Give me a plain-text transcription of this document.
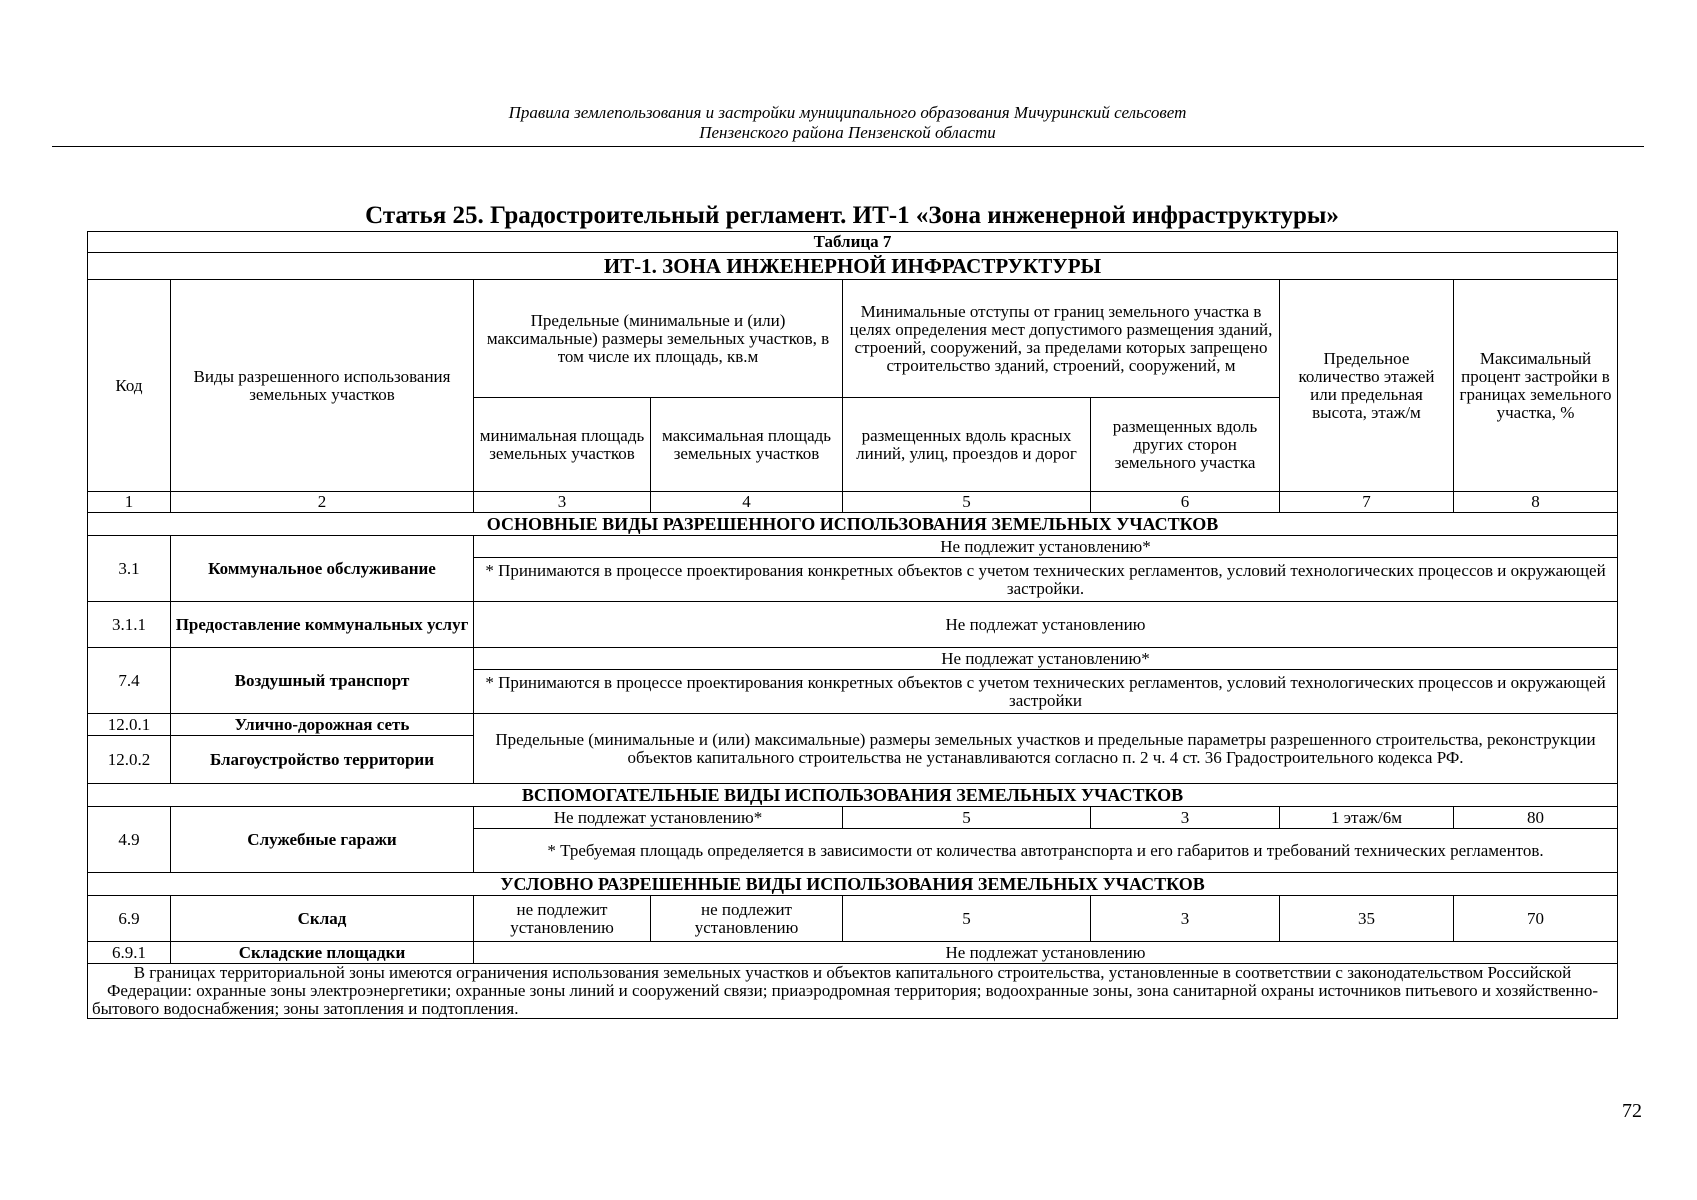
Правила землепользования и застройки муниципального образования Мичуринский сельсовет
Пензенского района Пензенской области
Статья 25. Градостроительный регламент. ИТ-1 «Зона инженерной инфраструктуры»
Таблица 7							
ИТ-1. ЗОНА ИНЖЕНЕРНОЙ ИНФРАСТРУКТУРЫ							
Код	Виды разрешенного использования земельных участков	Предельные (минимальные и (или) максимальные) размеры земельных участков, в том числе их площадь, кв.м		Минимальные отступы от границ земельного участка в целях определения мест допустимого размещения зданий, строений, сооружений, за пределами которых запрещено строительство зданий, строений, сооружений, м		Предельное количество этажей или предельная высота, этаж/м	Максимальный процент застройки в границах земельного участка, %
		минимальная площадь земельных участков	максимальная площадь земельных участков	размещенных вдоль красных линий, улиц, проездов и дорог	размещенных вдоль других сторон земельного участка		
1	2	3	4	5	6	7	8
ОСНОВНЫЕ ВИДЫ РАЗРЕШЕННОГО ИСПОЛЬЗОВАНИЯ ЗЕМЕЛЬНЫХ УЧАСТКОВ							
3.1	Коммунальное обслуживание	Не подлежит установлению*					
		* Принимаются в процессе проектирования конкретных объектов с учетом технических регламентов, условий технологических процессов и окружающей застройки.					
3.1.1	Предоставление коммунальных услуг	Не подлежат установлению					
7.4	Воздушный транспорт	Не подлежат установлению*					
		* Принимаются в процессе проектирования конкретных объектов с учетом технических регламентов, условий технологических процессов и окружающей застройки					
12.0.1	Улично-дорожная сеть	Предельные (минимальные и (или) максимальные) размеры земельных участков и предельные параметры разрешенного строительства, реконструкции объектов капитального строительства не устанавливаются согласно п. 2 ч. 4 ст. 36 Градостроительного кодекса РФ.					
12.0.2	Благоустройство территории						
ВСПОМОГАТЕЛЬНЫЕ ВИДЫ ИСПОЛЬЗОВАНИЯ ЗЕМЕЛЬНЫХ УЧАСТКОВ							
4.9	Служебные гаражи	Не подлежат установлению*		5	3	1 этаж/6м	80
		* Требуемая площадь определяется в зависимости от количества автотранспорта и его габаритов и требований технических регламентов.					
УСЛОВНО РАЗРЕШЕННЫЕ ВИДЫ ИСПОЛЬЗОВАНИЯ ЗЕМЕЛЬНЫХ УЧАСТКОВ							
6.9	Склад	не подлежит установлению	не подлежит установлению	5	3	35	70
6.9.1	Складские площадки	Не подлежат установлению					
В границах территориальной зоны имеются ограничения использования земельных участков и объектов капитального строительства, установленные в соответствии с законодательством Российской Федерации: охранные зоны электроэнергетики; охранные зоны линий и сооружений связи; приаэродромная территория; водоохранные зоны, зона санитарной охраны источников питьевого и хозяйственно-бытового водоснабжения; зоны затопления и подтопления.							
72
